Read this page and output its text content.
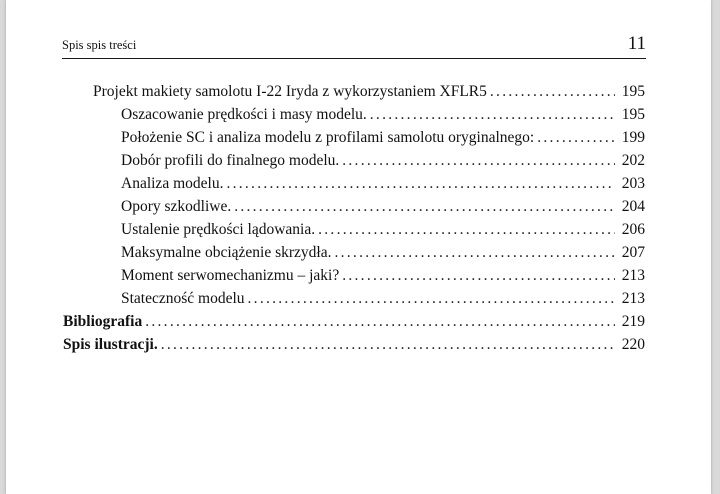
Spis spis treści	11
Projekt makiety samolotu I-22 Iryda z wykorzystaniem XFLR5 . . .	195
Oszacowanie prędkości i masy modelu. . . .	195
Położenie SC i analiza modelu z profilami samolotu oryginalnego: . . .	199
Dobór profili do finalnego modelu. . . .	202
Analiza modelu. . . .	203
Opory szkodliwe. . . .	204
Ustalenie prędkości lądowania. . . .	206
Maksymalne obciążenie skrzydła. . . .	207
Moment serwomechanizmu – jaki? . . .	213
Stateczność modelu . . .	213
Bibliografia . . .	219
Spis ilustracji. . . .	220
